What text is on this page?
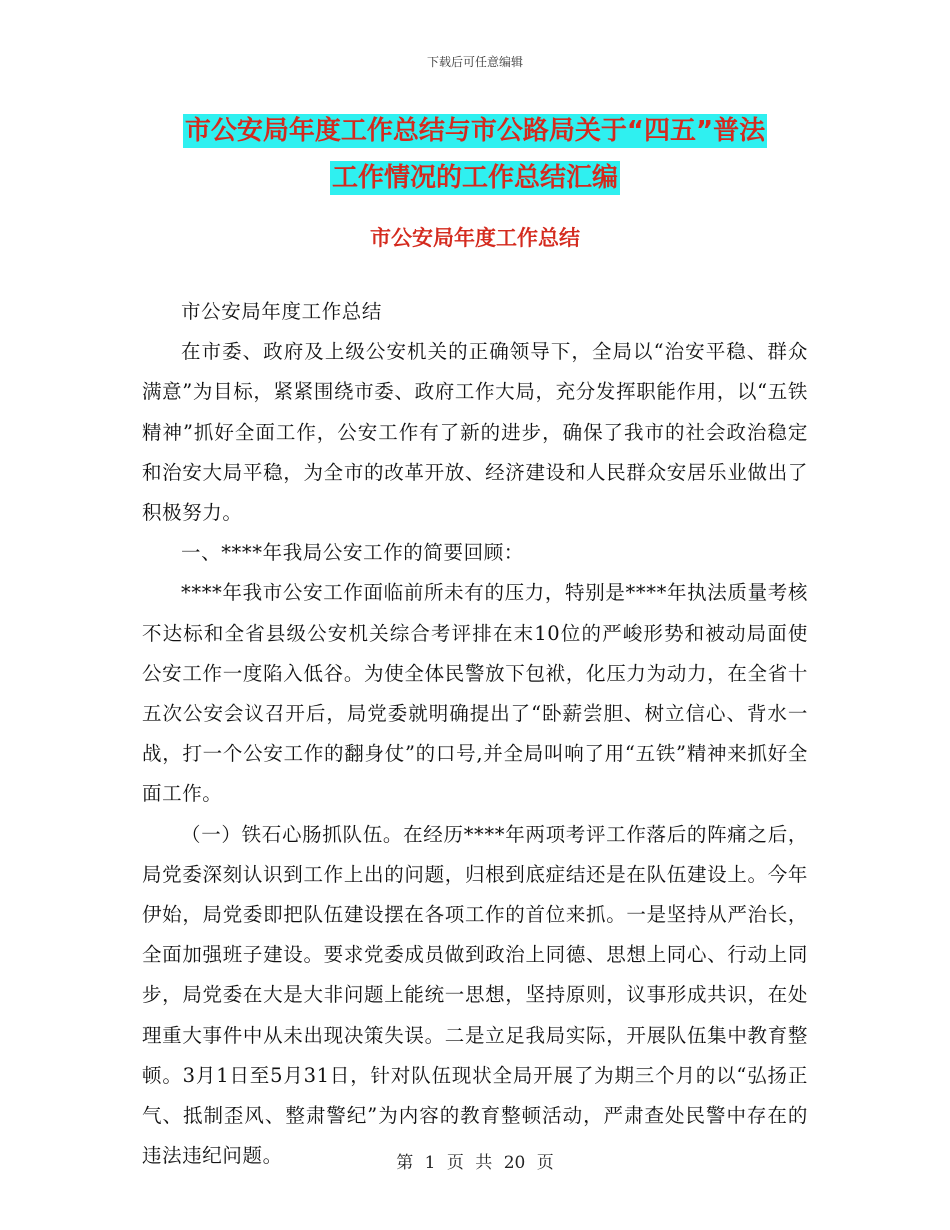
下载后可任意编辑
市公安局年度工作总结与市公路局关于“四五”普法
工作情况的工作总结汇编
市公安局年度工作总结

市公安局年度工作总结

在市委、政府及上级公安机关的正确领导下，全局以“治安平稳、群众满意”为目标，紧紧围绕市委、政府工作大局，充分发挥职能作用，以“五铁精神”抓好全面工作，公安工作有了新的进步，确保了我市的社会政治稳定和治安大局平稳，为全市的改革开放、经济建设和人民群众安居乐业做出了积极努力。

一、****年我局公安工作的简要回顾：

****年我市公安工作面临前所未有的压力，特别是****年执法质量考核不达标和全省县级公安机关综合考评排在末10位的严峻形势和被动局面使公安工作一度陷入低谷。为使全体民警放下包袱，化压力为动力，在全省十五次公安会议召开后，局党委就明确提出了“卧薪尝胆、树立信心、背水一战，打一个公安工作的翻身仗”的口号,并全局叫响了用“五铁”精神来抓好全面工作。

（一）铁石心肠抓队伍。在经历****年两项考评工作落后的阵痛之后，局党委深刻认识到工作上出的问题，归根到底症结还是在队伍建设上。今年伊始，局党委即把队伍建设摆在各项工作的首位来抓。一是坚持从严治长，全面加强班子建设。要求党委成员做到政治上同德、思想上同心、行动上同步，局党委在大是大非问题上能统一思想，坚持原则，议事形成共识，在处理重大事件中从未出现决策失误。二是立足我局实际，开展队伍集中教育整顿。3月1日至5月31日，针对队伍现状全局开展了为期三个月的以“弘扬正气、抵制歪风、整肃警纪”为内容的教育整顿活动，严肃查处民警中存在的违法违纪问题。	第 1 页 共 20 页
